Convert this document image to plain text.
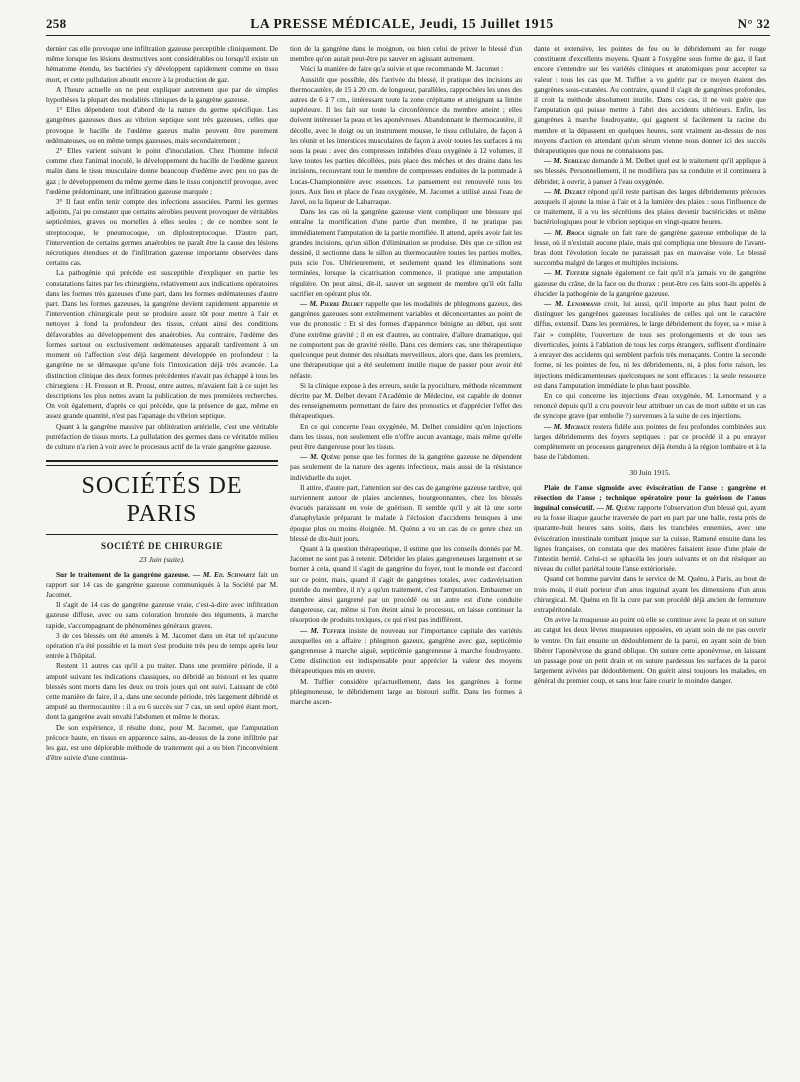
258	LA PRESSE MÉDICALE, Jeudi, 15 Juillet 1915	N° 32

dernier cas elle provoque une infiltration gazeuse perceptible cliniquement. De même lorsque les lésions destructives sont considérables ou lorsqu'il existe un hématome étendu, les bactéries s'y développent rapidement comme en tissu mort, et cette pullulation aboutit encore à la production de gaz.

A l'heure actuelle on ne peut expliquer autrement que par de simples hypothèses la plupart des modalités cliniques de la gangrène gazeuse.

1° Elles dépendent tout d'abord de la nature du germe spécifique. Les gangrènes gazeuses dues au vibrion septique sont très gazeuses, celles que provoque le bacille de l'œdème gazeux malin peuvent être purement œdémateuses, ou en même temps gazeuses, mais secondairement ;

2° Elles varient suivant le point d'inoculation. Chez l'homme infecté comme chez l'animal inoculé, le développement du bacille de l'œdème gazeux malin dans le tissu musculaire donne beaucoup d'œdème avec peu ou pas de gaz ; le développement du même germe dans le tissu conjonctif provoque, avec l'œdème prédominant, une infiltration gazeuse marquée ;

3° Il faut enfin tenir compte des infections associées. Parmi les germes adjoints, j'ai pu constater que certains aérobies peuvent provoquer de véritables septicémies, graves ou mortelles à elles seules ; de ce nombre sont le streptocoque, le pneumocoque, un diplostreptocoque. D'autre part, l'intervention de certains germes anaérobies ne paraît être la cause des lésions nécrotiques étendues et de l'infiltration gazeuse importante observées dans certains cas.

La pathogénie qui précède est susceptible d'expliquer en partie les constatations faites par les chirurgiens, relativement aux indications opératoires dans les formes très gazeuses d'une part, dans les formes œdémateuses d'autre part. Dans les formes gazeuses, la gangrène devient rapidement apparente et l'intervention chirurgicale peut se produire assez tôt pour mettre à l'air et nettoyer à fond la profondeur des tissus, créant ainsi des conditions défavorables au développement des anaérobies. Au contraire, l'œdème des formes surtout ou exclusivement œdémateuses apparaît tardivement à un moment où l'affection s'est déjà largement développée en profondeur : la gangrène ne se démasque qu'une fois l'intoxication déjà très avancée. La distinction clinique des deux formes précédentes n'avait pas échappé à tous les chirurgiens : H. Fresson et R. Proust, entre autres, m'avaient fait à ce sujet les descriptions les plus nettes avant la publication de mes premières recherches. On voit également, d'après ce qui précède, que la présence de gaz, même en assez grande quantité, n'est pas l'apanage du vibrion septique.

Quant à la gangrène massive par oblitération artérielle, c'est une véritable putréfaction de tissus morts. La pullulation des germes dans ce véritable milieu de culture n'a rien à voir avec le processus actif de la vraie gangrène gazeuse.

SOCIÉTÉS DE PARIS
SOCIÉTÉ DE CHIRURGIE
23 Juin (suite).

Sur le traitement de la gangrène gazeuse. — M. Ed. Schwartz fait un rapport sur 14 cas de gangrène gazeuse communiqués à la Société par M. Jacomet.

Il s'agit de 14 cas de gangrène gazeuse vraie, c'est-à-dire avec infiltration gazeuse diffuse, avec ou sans coloration bronzée des téguments, à marche rapide, s'accompagnant de phénomènes généraux graves.

3 de ces blessés ont été amenés à M. Jacomet dans un état tel qu'aucune opération n'a été possible et la mort s'est produite très peu de temps après leur entrée à l'hôpital.

Restent 11 autres cas qu'il a pu traiter. Dans une première période, il a amputé suivant les indications classiques, ou débridé au bistouri et les quatre blessés sont morts dans les deux ou trois jours qui ont suivi. Laissant de côté cette manière de faire, il a, dans une seconde période, très largement débridé et amputé au thermocautère : il a eu 6 succès sur 7 cas, un seul opéré étant mort, dont la gangrène avait envahi l'abdomen et même le thorax.

De son expérience, il résulte donc, pour M. Jacomet, que l'amputation précoce haute, en tissus en apparence sains, au-dessus de la zone infiltrée par les gaz, est une déplorable méthode de traitement qui a ou bien l'inconvénient d'être suivie d'une continua-

tion de la gangrène dans le moignon, ou bien celui de priver le blessé d'un membre qu'on aurait peut-être pu sauver en agissant autrement.

Voici la manière de faire qu'a suivie et que recommande M. Jacomet :

Aussitôt que possible, dès l'arrivée du blessé, il pratique des incisions au thermocautère, de 15 à 20 cm. de longueur, parallèles, rapprochées les unes des autres de 6 à 7 cm., intéressant toute la zone crépitante et atteignant sa limite supérieure. Il les fait sur toute la circonférence du membre atteint ; elles doivent intéresser la peau et les aponévroses. Abandonnant le thermocautère, il décolle, avec le doigt ou un instrument mousse, le tissu cellulaire, de façon à les réunir et les interstices musculaires de façon à avoir toutes les surfaces à nu sous la peau : avec des compresses imbibées d'eau oxygénée à 12 volumes, il lave toutes les parties décollées, puis place des mèches et des drains dans les incisions, recouvrant tout le membre de compresses enduites de la pommade à Lucas-Championnière avec essences. Le pansement est renouvelé tous les jours. Aux lieu et place de l'eau oxygénée, M. Jacomet a utilisé aussi l'eau de Javel, ou la liqueur de Labarraque.

Dans les cas où la gangrène gazeuse vient compliquer une blessure qui entraîne la mortification d'une partie d'un membre, il ne pratique pas immédiatement l'amputation de la partie mortifiée. Il attend, après avoir fait les grandes incisions, qu'un sillon d'élimination se produise. Dès que ce sillon est dessiné, il sectionne dans le sillon au thermocautère toutes les parties molles, puis scie l'os. Ultérieurement, et seulement quand les éliminations sont terminées, lorsque la cicatrisation commence, il pratique une amputation régulière. On peut ainsi, dit-il, sauver un segment de membre qu'il eût fallu sacrifier en opérant plus tôt.

— M. Pierre Delbet rappelle que les modalités de phlegmons gazeux, des gangrènes gazeuses sont extrêmement variables et déconcertantes au point de vue du pronostic : Et si des formes d'apparence bénigne au début, qui sont d'une extrême gravité ; il en est d'autres, au contraire, d'allure dramatique, qui ne comportent pas de gravité réelle. Dans ces derniers cas, une thérapeutique quelconque peut donner des résultats merveilleux, alors que, dans les premiers, une thérapeutique qui a été seulement inutile risque de passer pour avoir été néfaste.

Si la clinique expose à des erreurs, seule la pyoculture, méthode récemment décrite par M. Delbet devant l'Académie de Médecine, est capable de donner des renseignements permettant de faire des pronostics et d'apprécier l'effet des thérapeutiques.

En ce qui concerne l'eau oxygénée, M. Delbet considère qu'en injections dans les tissus, non seulement elle n'offre aucun avantage, mais même qu'elle peut être dangereuse pour les tissus.

— M. Quénu pense que les formes de la gangrène gazeuse ne dépendent pas seulement de la nature des agents infectieux, mais aussi de la résistance individuelle du sujet.

Il attire, d'autre part, l'attention sur des cas de gangrène gazeuse tardive, qui surviennent autour de plaies anciennes, bourgeonnantes, chez les blessés évacués paraissant en voie de guérison. Il semble qu'il y ait là une sorte d'anaphylaxie préparant le malade à l'éclosion d'accidents brusques à une époque plus ou moins éloignée. M. Quénu a vu un cas de ce genre chez un blessé de dix-huit jours.

Quant à la question thérapeutique, il estime que les conseils donnés par M. Jacomet ne sont pas à retenir. Débrider les plaies gangreneuses largement et se borner à cela, quand il s'agit de gangrène du foyer, tout le monde est d'accord sur ce point, mais, quand il s'agit de gangrènes totales, avec cadavérisation putride du membre, il n'y a qu'un traitement, c'est l'amputation. Embaumer un membre ainsi gangrené par un procédé ou un autre est d'une conduite dangereuse, car, même si l'on éteint ainsi le processus, on laisse continuer la résorption de produits toxiques, ce qui n'est pas indifférent.

— M. Tuffier insiste de nouveau sur l'importance capitale des variétés auxquelles on a affaire : phlegmon gazeux, gangrène avec gaz, septicémie gangreneuse à marche aiguë, septicémie gangreneuse à marche foudroyante. Cette distinction est indispensable pour apprécier la valeur des moyens thérapeutiques mis en œuvre.

M. Tuffier considère qu'actuellement, dans les gangrènes à forme phlegmoneuse, le débridement large au bistouri suffit. Dans les formes à marche ascen-

dante et extensive, les pointes de feu ou le débridement au fer rouge constituent d'excellents moyens. Quant à l'oxygène sous forme de gaz, il faut encore s'entendre sur les variétés cliniques et anatomiques pour accepter sa valeur : tous les cas que M. Tuffier a vu guérir par ce moyen étaient des gangrènes sous-cutanées. Au contraire, quand il s'agit de gangrènes profondes, il croit la méthode absolument inutile. Dans ces cas, il ne voit guère que l'amputation qui puisse mettre à l'abri des accidents ultérieurs. Enfin, les gangrènes à marche foudroyante, qui gagnent si facilement la racine du membre et la dépassent en quelques heures, sont vraiment au-dessus de nos moyens d'action en attendant qu'un sérum vienne nous donner ici des succès thérapeutiques que nous ne connaissons pas.

— M. Sebileau demande à M. Delbet quel est le traitement qu'il applique à ses blessés. Personnellement, il ne modifiera pas sa conduite et il continuera à débrider, à ouvrir, à panser à l'eau oxygénée.

— M. Delbet répond qu'il reste partisan des larges débridements précoces auxquels il ajoute la mise à l'air et à la lumière des plaies : sous l'influence de ce traitement, il a vu les sécrétions des plaies devenir bactéricides et même bactériologiques pour le vibrion septique en vingt-quatre heures.

— M. Broca signale un fait rare de gangrène gazeuse embolique de la fesse, où il n'existait aucune plaie, mais qui compliqua une blessure de l'avant-bras dont l'évolution locale ne paraissait pas en mauvaise voie. Le blessé succomba malgré de larges et multiples incisions.

— M. Tuffier signale également ce fait qu'il n'a jamais vu de gangrène gazeuse du crâne, de la face ou du thorax : peut-être ces faits sont-ils appelés à élucider la pathogénie de la gangrène gazeuse.

— M. Lenormand croit, lui aussi, qu'il importe au plus haut point de distinguer les gangrènes gazeuses localisées de celles qui ont le caractère diffus, extensif. Dans les premières, le large débridement du foyer, sa « mise à l'air » complète, l'ouverture de tous ses prolongements et de tous ses diverticules, joints à l'ablation de tous les corps étrangers, suffisent d'ordinaire à enrayer des accidents qui semblent parfois très menaçants. Contre la seconde forme, ni les pointes de feu, ni les débridements, ni, à plus forte raison, les injections médicamenteuses quelconques ne sont efficaces : la seule ressource est dans l'amputation immédiate le plus haut possible.

En ce qui concerne les injections d'eau oxygénée, M. Lenormand y a renoncé depuis qu'il a cru pouvoir leur attribuer un cas de mort subite et un cas de syncope grave (par embolie ?) survenues à la suite de ces injections.

— M. Michaux restera fidèle aux pointes de feu profondes combinées aux larges débridements des foyers septiques : par ce procédé il a pu enrayer complètement un processus gangreneux déjà étendu à la région lombaire et à la base de l'abdomen.

30 Juin 1915.

Plaie de l'anse sigmoïde avec éviscération de l'anse : gangrène et résection de l'anse ; technique opératoire pour la guérison de l'anus inguinal consécutif. — M. Quénu rapporte l'observation d'un blessé qui, ayant eu la fosse iliaque gauche traversée de part en part par une balle, resta près de quarante-huit heures sans soins, dans les tranchées ennemies, avec une éviscération intestinale tombant jusque sur la cuisse. Ramené ensuite dans les lignes françaises, on constata que des matières faisaient issue d'une plaie de l'intestin hernié. Celui-ci se sphacéla les jours suivants et on dut réséquer au niveau du collet pariétal toute l'anse extériorisée.

Quand cet homme parvint dans le service de M. Quénu, à Paris, au bout de trois mois, il était porteur d'un anus inguinal ayant les dimensions d'un anus chirurgical. M. Quénu en fit la cure par son procédé déjà ancien de fermeture extrapéritonéale.

On avive la muqueuse au point où elle se continue avec la peau et on suture au catgut les deux lèvres muqueuses opposées, en ayant soin de ne pas ouvrir le ventre. On fait ensuite un dédoublement de la paroi, en ayant soin de bien libérer l'aponévrose du grand oblique. On suture cette aponévrose, en laissant un passage pour un petit drain et on suture pardessus les surfaces de la paroi largement avivées par dédoublement. On guérit ainsi toujours les malades, en général du premier coup, et sans leur faire courir le moindre danger.
